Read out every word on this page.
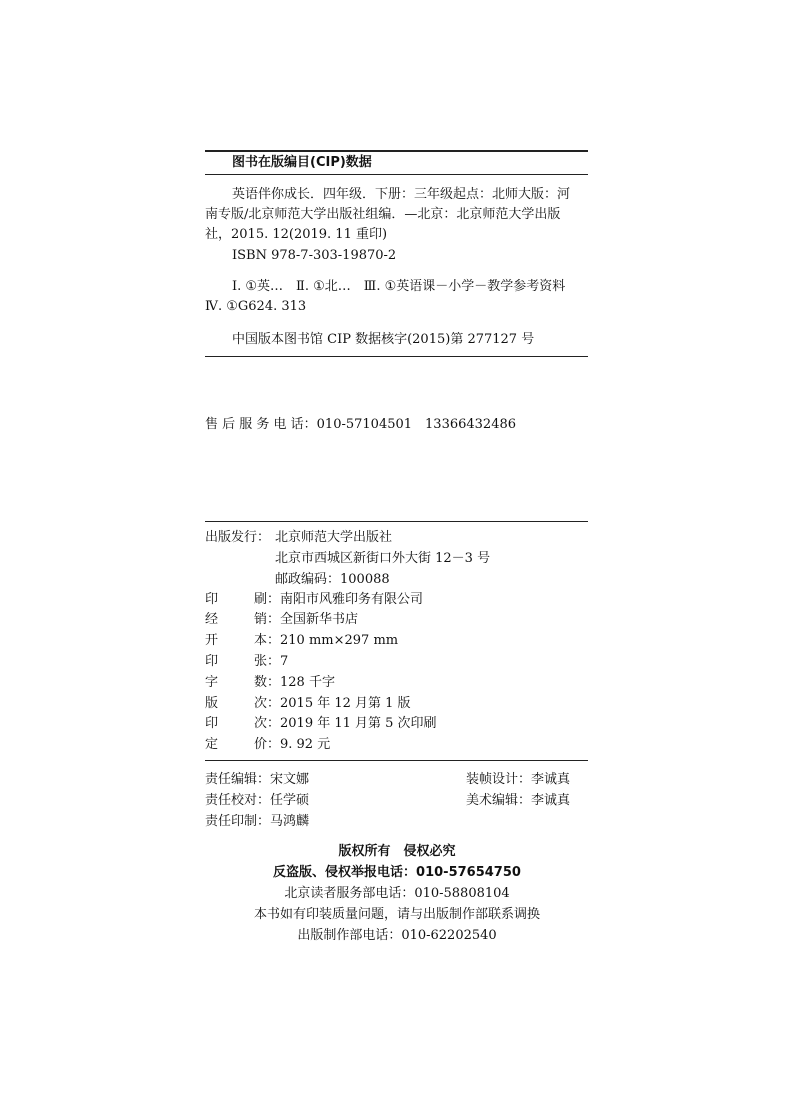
图书在版编目(CIP)数据
英语伴你成长．四年级．下册：三年级起点：北师大版：河
南专版/北京师范大学出版社组编．—北京：北京师范大学出版
社，2015. 12(2019. 11 重印)
ISBN 978-7-303-19870-2
Ⅰ. ①英…　Ⅱ. ①北…　Ⅲ. ①英语课－小学－教学参考资料
Ⅳ. ①G624. 313
中国版本图书馆 CIP 数据核字(2015)第 277127 号
售 后 服 务 电 话：010-57104501　13366432486
出版发行： 北京师范大学出版社
北京市西城区新街口外大街 12－3 号
邮政编码：100088
印刷：南阳市风雅印务有限公司
经销：全国新华书店
开本：210 mm×297 mm
印张：7
字数：128 千字
版次：2015 年 12 月第 1 版
印次：2019 年 11 月第 5 次印刷
定价：9. 92 元
责任编辑：宋文娜	装帧设计：李诚真
责任校对：任学硕	美术编辑：李诚真
责任印制：马鸿麟
版权所有　侵权必究
反盗版、侵权举报电话：010-57654750
北京读者服务部电话：010-58808104
本书如有印装质量问题，请与出版制作部联系调换
出版制作部电话：010-62202540
